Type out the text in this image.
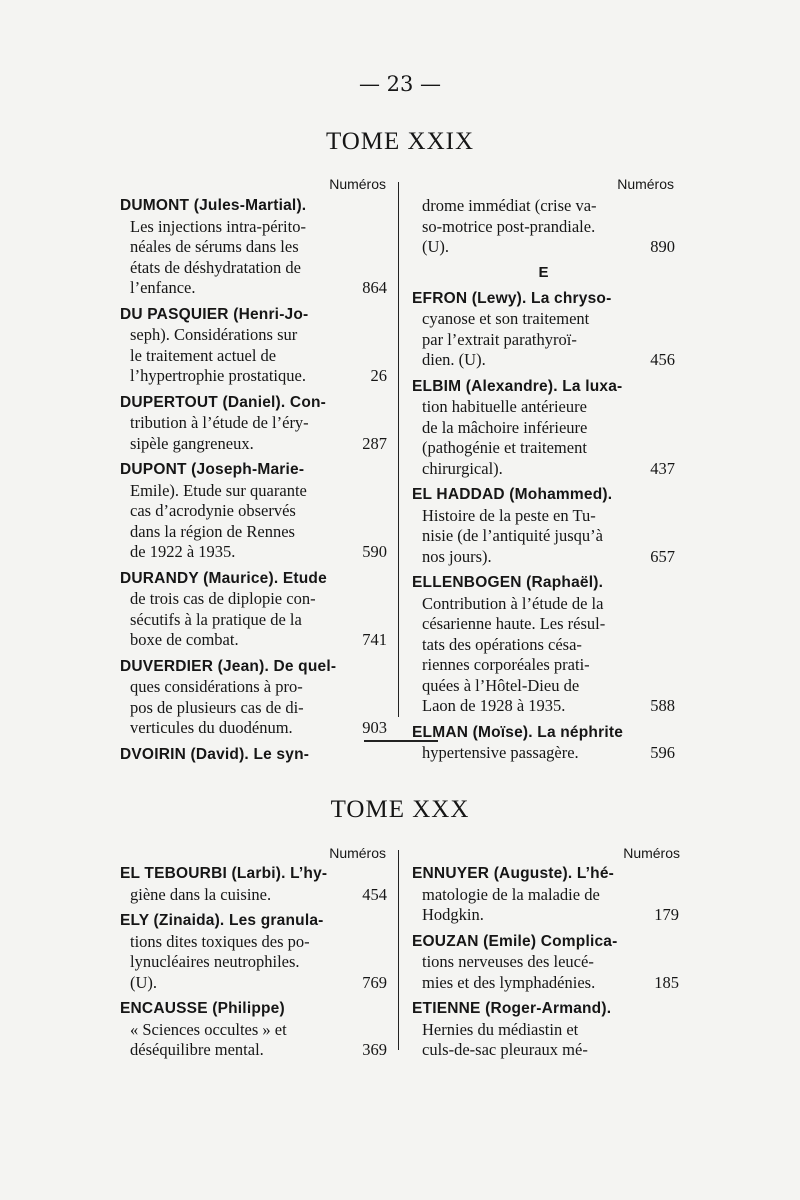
— 23 —
TOME XXIX
Numéros	Numéros
DUMONT (Jules-Martial).
Les injections intra-périto-
néales de sérums dans les
états de déshydratation de
l’enfance.	864
DU PASQUIER (Henri-Jo-
seph). Considérations sur
le traitement actuel de
l’hypertrophie prostatique.	26
DUPERTOUT (Daniel). Con-
tribution à l’étude de l’éry-
sipèle gangreneux.	287
DUPONT (Joseph-Marie-
Emile). Etude sur quarante
cas d’acrodynie observés
dans la région de Rennes
de 1922 à 1935.	590
DURANDY (Maurice). Etude
de trois cas de diplopie con-
sécutifs à la pratique de la
boxe de combat.	741
DUVERDIER (Jean). De quel-
ques considérations à pro-
pos de plusieurs cas de di-
verticules du duodénum.	903
DVOIRIN (David). Le syn-
drome immédiat (crise va-
so-motrice post-prandiale.
(U).	890
E
EFRON (Lewy). La chryso-
cyanose et son traitement
par l’extrait parathyroï-
dien. (U).	456
ELBIM (Alexandre). La luxa-
tion habituelle antérieure
de la mâchoire inférieure
(pathogénie et traitement
chirurgical).	437
EL HADDAD (Mohammed).
Histoire de la peste en Tu-
nisie (de l’antiquité jusqu’à
nos jours).	657
ELLENBOGEN (Raphaël).
Contribution à l’étude de la
césarienne haute. Les résul-
tats des opérations césa-
riennes corporéales prati-
quées à l’Hôtel-Dieu de
Laon de 1928 à 1935.	588
ELMAN (Moïse). La néphrite
hypertensive passagère.	596
TOME XXX
Numéros	Numéros
EL TEBOURBI (Larbi). L’hy-
giène dans la cuisine.	454
ELY (Zinaida). Les granula-
tions dites toxiques des po-
lynucléaires neutrophiles.
(U).	769
ENCAUSSE (Philippe)
« Sciences occultes » et
déséquilibre mental.	369
ENNUYER (Auguste). L’hé-
matologie de la maladie de
Hodgkin.	179
EOUZAN (Emile) Complica-
tions nerveuses des leucé-
mies et des lymphadénies.	185
ETIENNE (Roger-Armand).
Hernies du médiastin et
culs-de-sac pleuraux mé-
